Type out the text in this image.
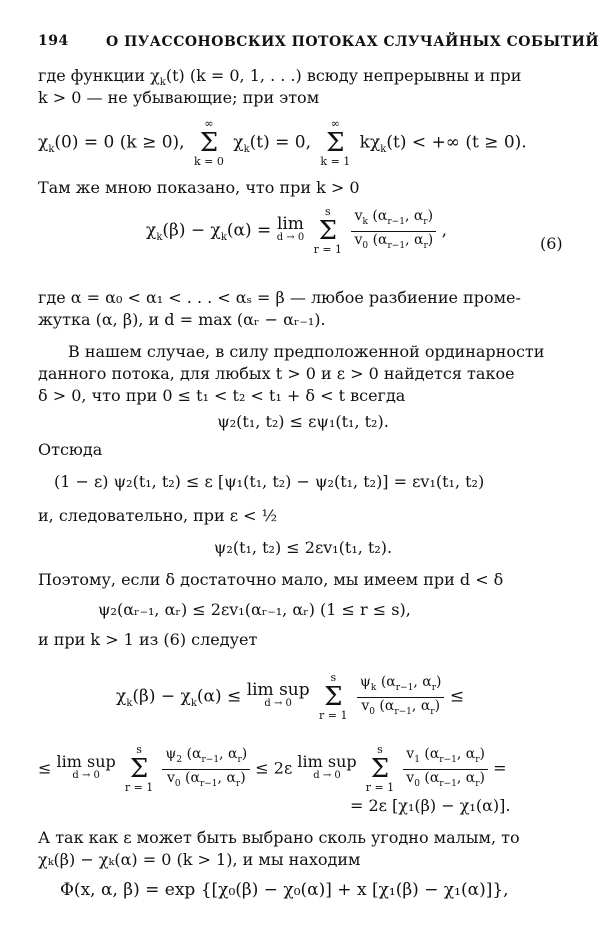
194	О ПУАССОНОВСКИХ ПОТОКАХ СЛУЧАЙНЫХ СОБЫТИЙ
где функции $\chi_k(t) (k = 0$, 1, . . .) всюду непрерывны и при
k > 0 — не убывающие; при этом
$\chi_k(0) = 0$ (k ≥ 0), ∞
Σ
k = 0 $\chi_k(t) = 0$, ∞
Σ
k = 1 $k\chi_k(t)$ < +∞ (t ≥ 0).
Там же мною показано, что при k > 0
$\chi_k(\beta) - \chi_k(\alpha) = \lim$
d → 0
s
Σ
$r = 1 \frac{v_k (\alpha_{r-1}, \alpha_r)}{v_0 (\alpha_{r-1}, \alpha_r)}$ ,
(6)
где α = α₀ < α₁ < . . . < αₛ = β — любое разбиение проме-
жутка (α, β), и d = max (αᵣ − αᵣ₋₁).
В нашем случае, в силу предположенной ординарности
данного потока, для любых t > 0 и ε > 0 найдется такое
δ > 0, что при 0 ≤ t₁ < t₂ < t₁ + δ < t всегда
ψ₂(t₁, t₂) ≤ εψ₁(t₁, t₂).
Отсюда
(1 − ε) ψ₂(t₁, t₂) ≤ ε [ψ₁(t₁, t₂) − ψ₂(t₁, t₂)] = εv₁(t₁, t₂)
и, следовательно, при ε < ½
ψ₂(t₁, t₂) ≤ 2εv₁(t₁, t₂).
Поэтому, если δ достаточно мало, мы имеем при d < δ
ψ₂(αᵣ₋₁, αᵣ) ≤ 2εv₁(αᵣ₋₁, αᵣ) (1 ≤ r ≤ s),
и при k > 1 из (6) следует
$\chi_k(\beta) - \chi_k(\alpha) \le \lim$ sup
d → 0
s
Σ
$r = 1 \frac{\psi_k (\alpha_{r-1}, \alpha_r)}{v_0 (\alpha_{r-1}, \alpha_r)}$ ≤
≤ lim sup
d → 0
s
Σ
$r = 1 \frac{\psi_2 (\alpha_{r-1}, \alpha_r)}{v_0 (\alpha_{r-1}, \alpha_r)} \le 2\varepsilon$ lim sup
d → 0
s
Σ
$r = 1 \frac{v_1 (\alpha_{r-1}, \alpha_r)}{v_0 (\alpha_{r-1}, \alpha_r)}$ =
= 2ε [χ₁(β) − χ₁(α)].
А так как ε может быть выбрано сколь угодно малым, то
χₖ(β) − χₖ(α) = 0 (k > 1), и мы находим
Φ(x, α, β) = exp {[χ₀(β) − χ₀(α)] + x [χ₁(β) − χ₁(α)]},
